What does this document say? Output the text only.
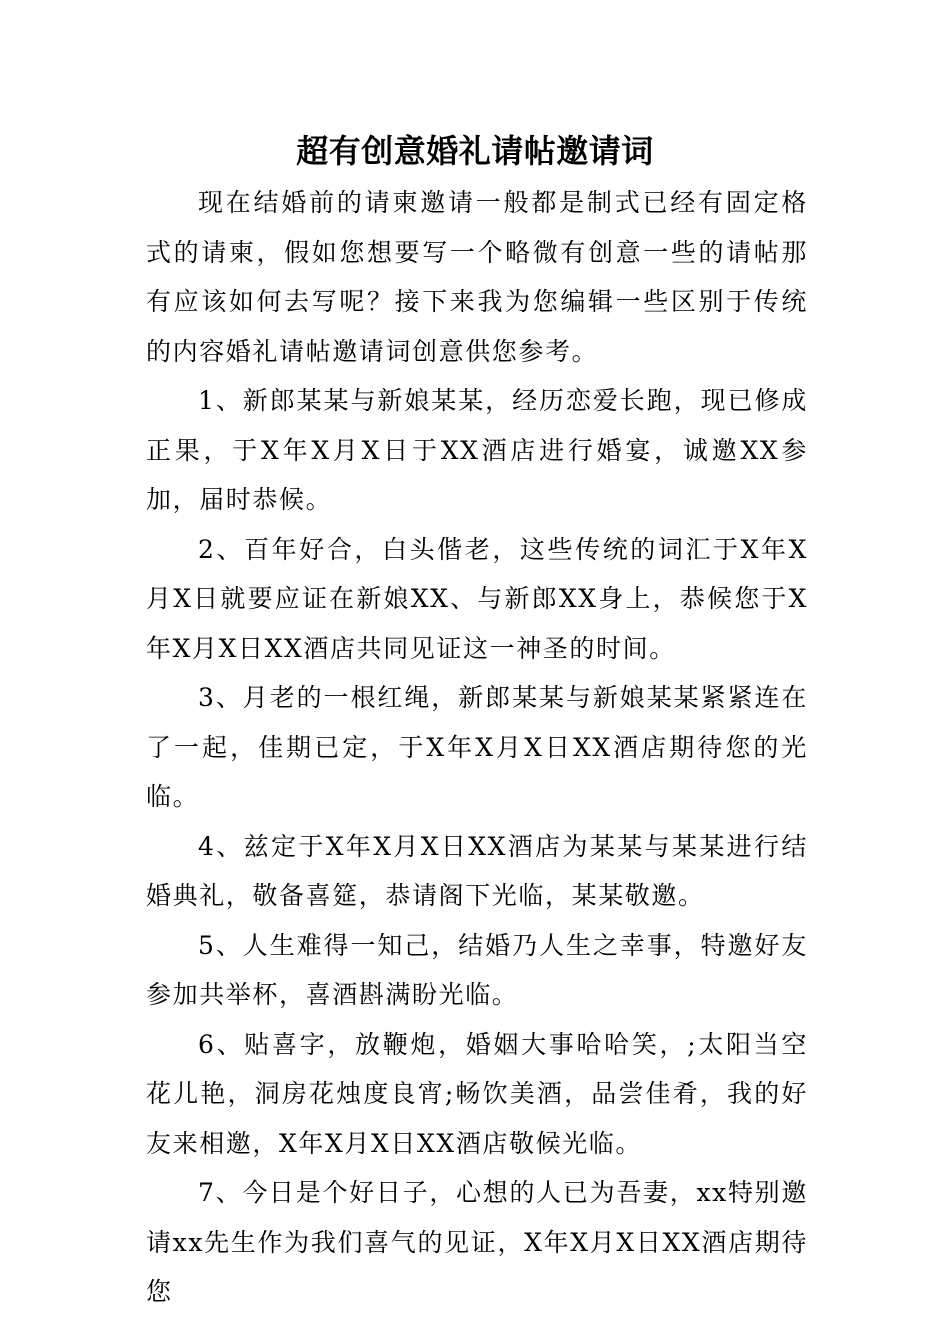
超有创意婚礼请帖邀请词

现在结婚前的请柬邀请一般都是制式已经有固定格式的请柬，假如您想要写一个略微有创意一些的请帖那有应该如何去写呢？接下来我为您编辑一些区别于传统的内容婚礼请帖邀请词创意供您参考。

1、新郎某某与新娘某某，经历恋爱长跑，现已修成正果，于X年X月X日于XX酒店进行婚宴，诚邀XX参加，届时恭候。

2、百年好合，白头偕老，这些传统的词汇于X年X月X日就要应证在新娘XX、与新郎XX身上，恭候您于X年X月X日XX酒店共同见证这一神圣的时间。

3、月老的一根红绳，新郎某某与新娘某某紧紧连在了一起，佳期已定，于X年X月X日XX酒店期待您的光临。

4、兹定于X年X月X日XX酒店为某某与某某进行结婚典礼，敬备喜筵，恭请阁下光临，某某敬邀。

5、人生难得一知己，结婚乃人生之幸事，特邀好友参加共举杯，喜酒斟满盼光临。

6、贴喜字，放鞭炮，婚姻大事哈哈笑，;太阳当空花儿艳，洞房花烛度良宵;畅饮美酒，品尝佳肴，我的好友来相邀，X年X月X日XX酒店敬候光临。

7、今日是个好日子，心想的人已为吾妻，xx特别邀请xx先生作为我们喜气的见证，X年X月X日XX酒店期待您
